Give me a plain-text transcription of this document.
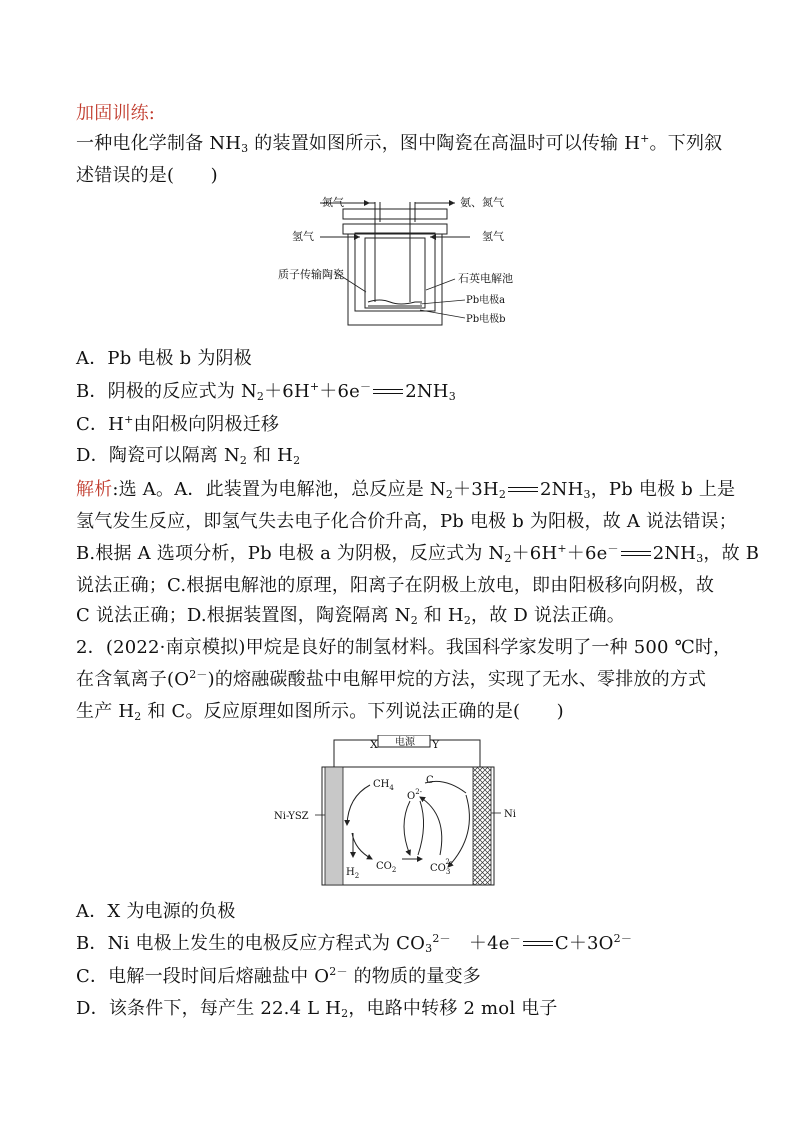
加固训练:
一种电化学制备 $NH_3$ 的装置如图所示，图中陶瓷在高温时可以传输 H+。下列叙
述错误的是(　　)
氮气	氨、氮气
氢气	氢气
质子传输陶瓷	石英电解池
Pb电极a
Pb电极b
A．Pb 电极 b 为阴极
B．阴极的反应式为 $N_2+6H^++6e^-$ $2NH_3$
C．H+由阳极向阴极迁移
D．陶瓷可以隔离 $N_2$ 和 $H_2$
解析:选 A。A．此装置为电解池，总反应是 $N_2+3H_2$ $2NH_3$，Pb 电极 b 上是
氢气发生反应，即氢气失去电子化合价升高，Pb 电极 b 为阳极，故 A 说法错误；
B.根据 A 选项分析，Pb 电极 a 为阴极，反应式为 $N_2+6H^++6e^-$ $2NH_3$，故 B
说法正确；C.根据电解池的原理，阳离子在阴极上放电，即由阳极移向阴极，故
C 说法正确；D.根据装置图，陶瓷隔离 $N_2$ 和 $H_2$，故 D 说法正确。
2．(2022·南京模拟)甲烷是良好的制氢材料。我国科学家发明了一种 500 ℃时，
在含氧离子$(O^{2-})$的熔融碳酸盐中电解甲烷的方法，实现了无水、零排放的方式
生产 $H_2$ 和 C。反应原理如图所示。下列说法正确的是(　　)
电源
X	Y
$CH_4$
C
$O^{2-}$
Ni-YSZ	Ni
$H_2$
$CO_2$	$CO_32-$
A．X 为电源的负极
B．Ni 电极上发生的电极反应方程式为 $CO_3^{2-}$　 ＋4e－ $C+3O^{2-}$
C．电解一段时间后熔融盐中 $O^{2-}$ 的物质的量变多
D．该条件下，每产生 22.4 L $H_2$，电路中转移 2 mol 电子
